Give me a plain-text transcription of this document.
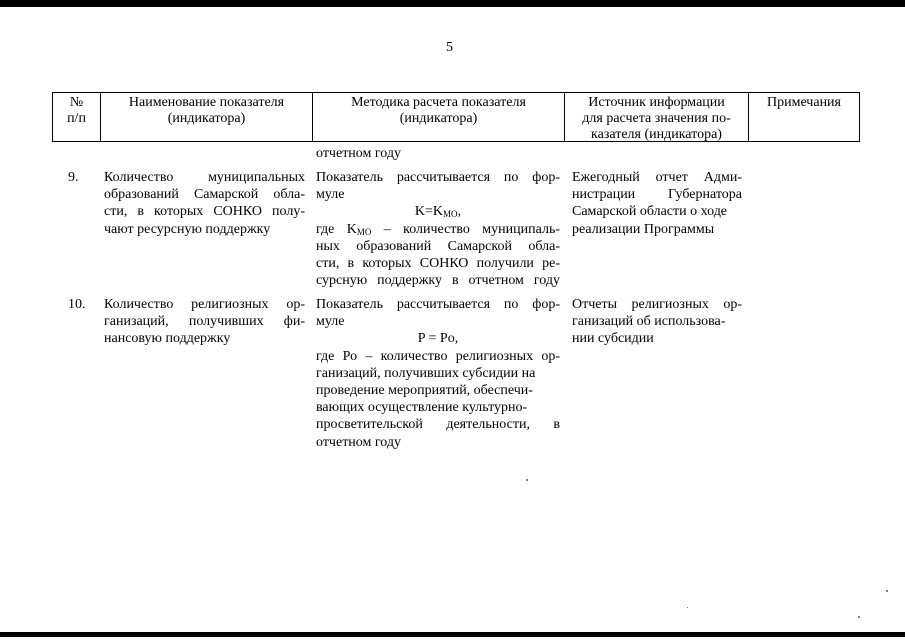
5
№
п/п
Наименование показателя
(индикатора)
Методика расчета показателя
(индикатора)
Источник информации
для расчета значения по-
казателя (индикатора)
Примечания
отчетном году
9. Количество муниципальных
образований Самарской обла-
сти, в которых СОНКО полу-
чают ресурсную поддержку
Показатель рассчитывается по фор-
муле
$K=K_{MO}$,
где $K_{MO}$ – количество муниципаль-
ных образований Самарской обла-
сти, в которых СОНКО получили ре-
сурсную поддержку в отчетном году
Ежегодный отчет Адми-
нистрации Губернатора
Самарской области о ходе
реализации Программы
10. Количество религиозных ор-
ганизаций, получивших фи-
нансовую поддержку
Показатель рассчитывается по фор-
муле
P = Po,
где Ро – количество религиозных ор-
ганизаций, получивших субсидии на
проведение мероприятий, обеспечи-
вающих осуществление культурно-
просветительской деятельности, в
отчетном году
Отчеты религиозных ор-
ганизаций об использова-
нии субсидии
